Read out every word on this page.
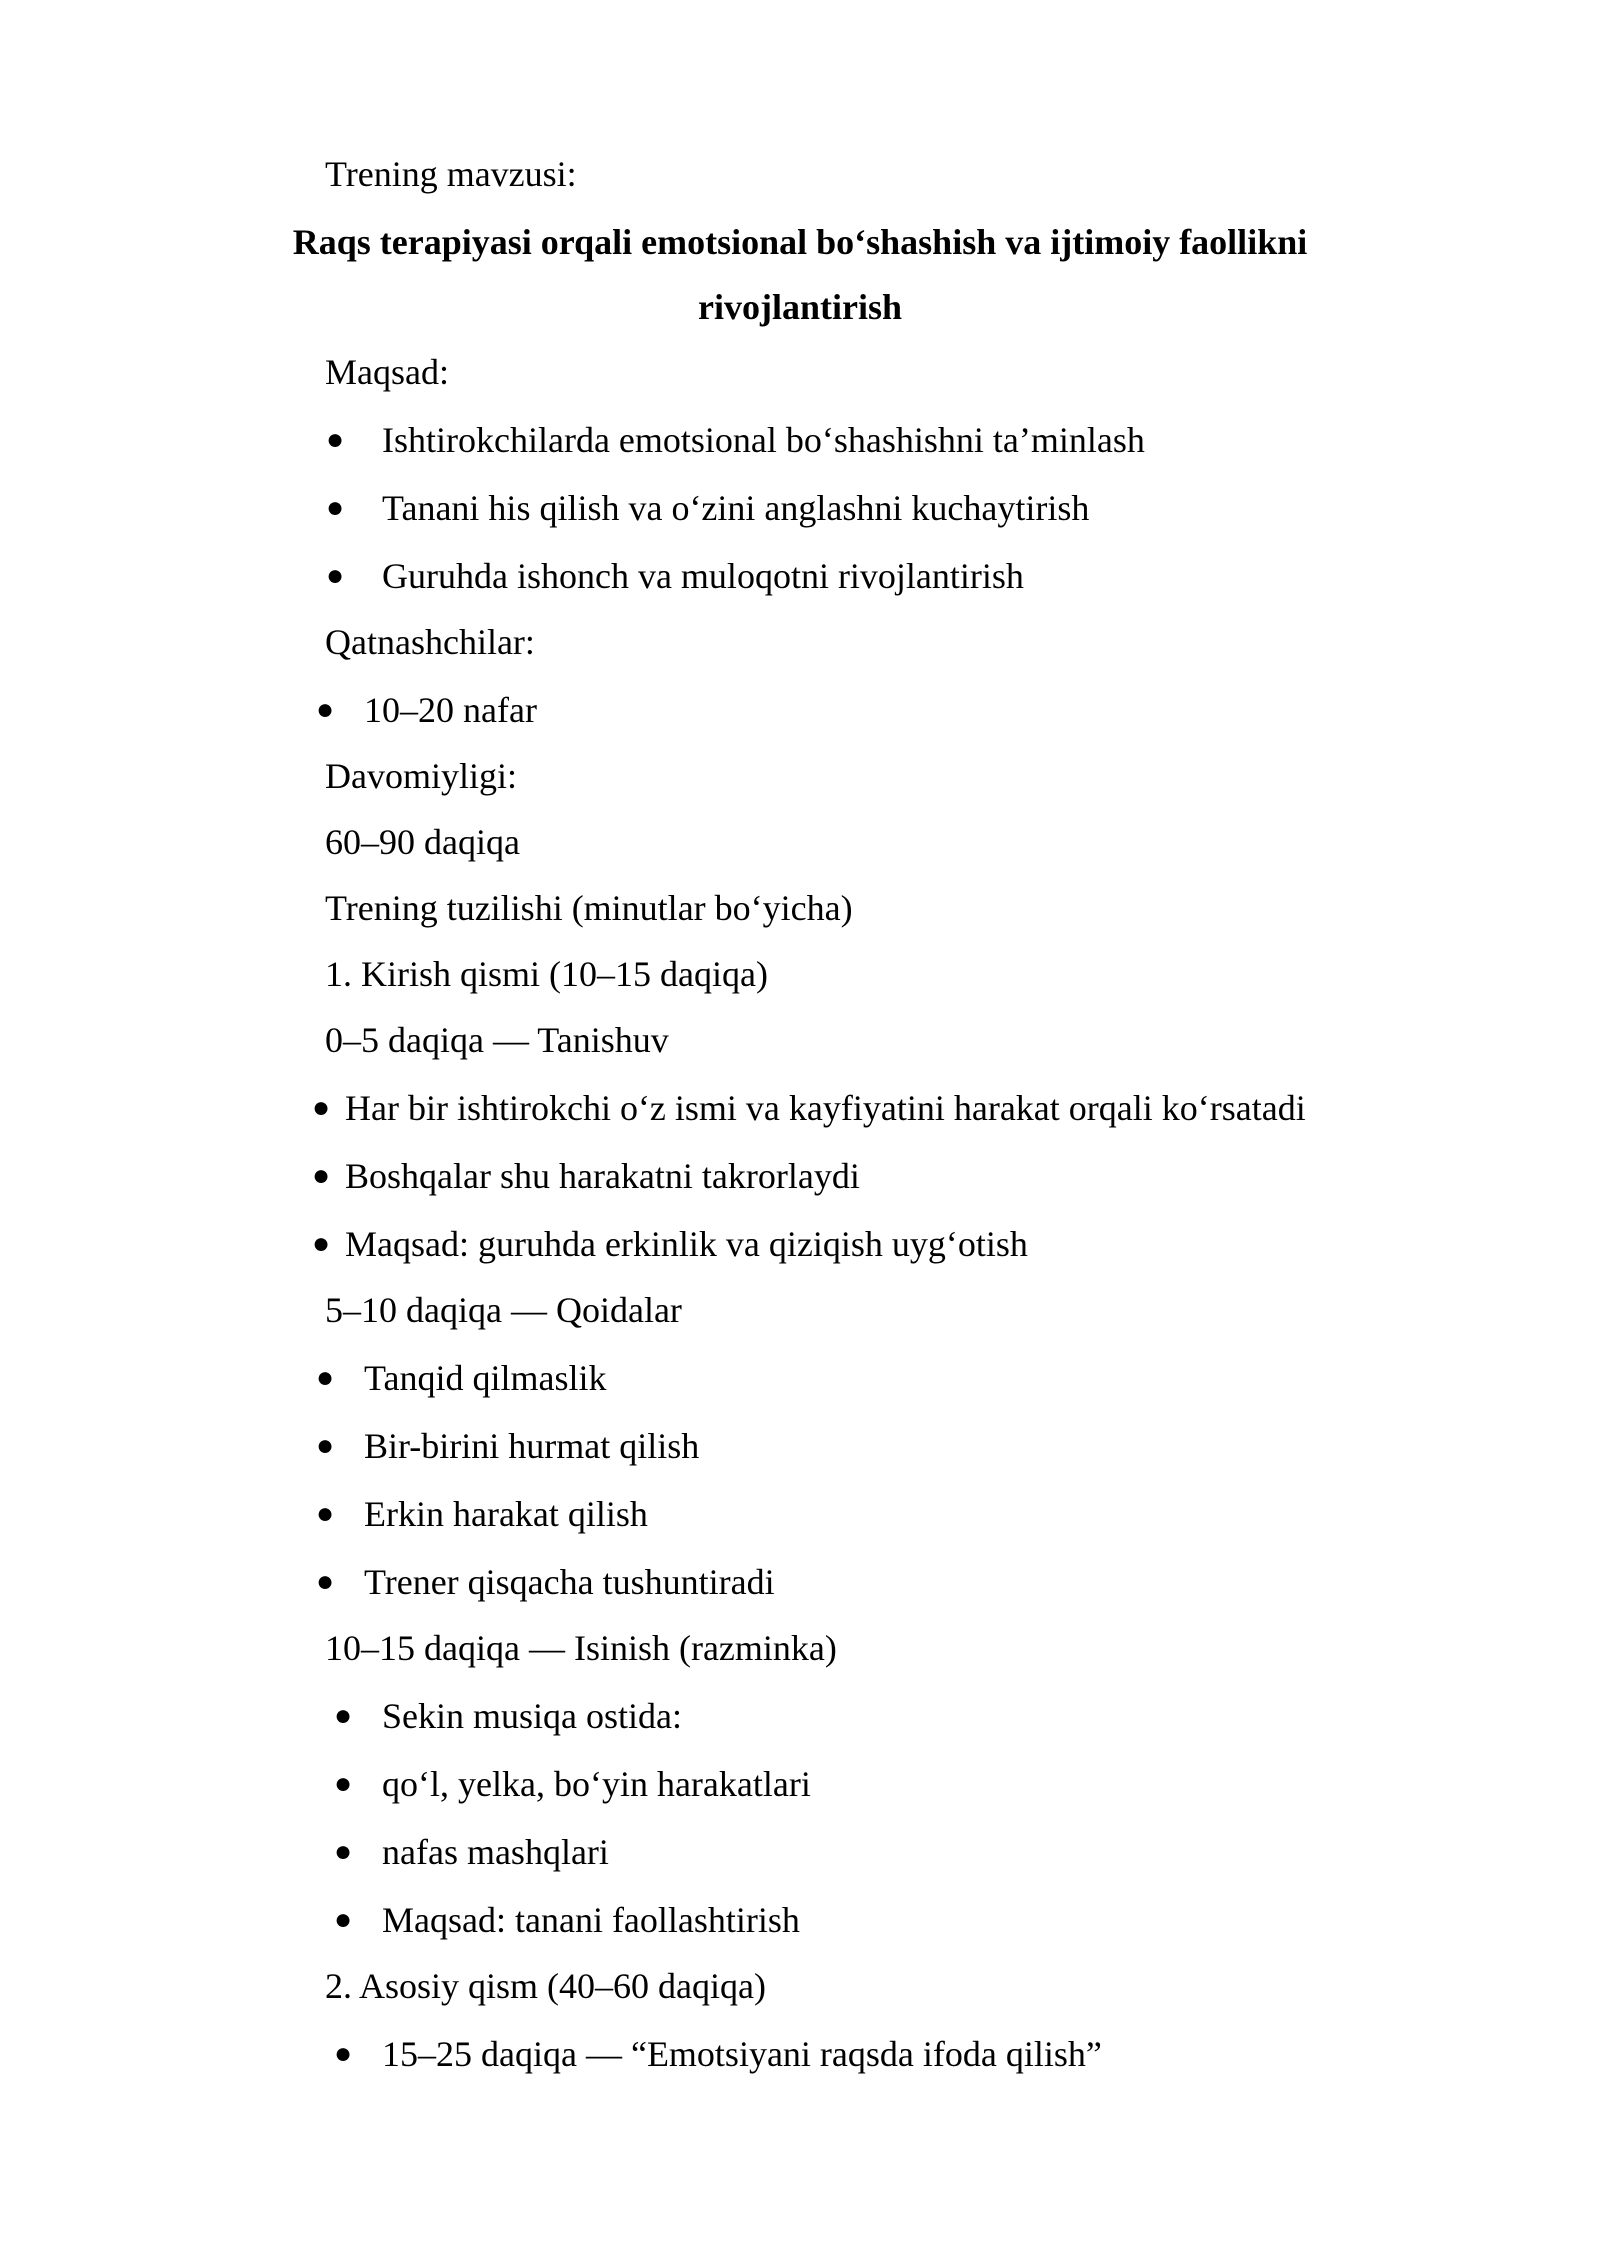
Trening mavzusi:
Raqs terapiyasi orqali emotsional bo‘shashish va ijtimoiy faollikni
rivojlantirish
Maqsad:
● Ishtirokchilarda emotsional bo‘shashishni ta’minlash
● Tanani his qilish va o‘zini anglashni kuchaytirish
● Guruhda ishonch va muloqotni rivojlantirish
Qatnashchilar:
● 10–20 nafar
Davomiyligi:
60–90 daqiqa
Trening tuzilishi (minutlar bo‘yicha)
1. Kirish qismi (10–15 daqiqa)
0–5 daqiqa — Tanishuv
● Har bir ishtirokchi o‘z ismi va kayfiyatini harakat orqali ko‘rsatadi
● Boshqalar shu harakatni takrorlaydi
● Maqsad: guruhda erkinlik va qiziqish uyg‘otish
5–10 daqiqa — Qoidalar
● Tanqid qilmaslik
● Bir-birini hurmat qilish
● Erkin harakat qilish
● Trener qisqacha tushuntiradi
10–15 daqiqa — Isinish (razminka)
● Sekin musiqa ostida:
● qo‘l, yelka, bo‘yin harakatlari
● nafas mashqlari
● Maqsad: tanani faollashtirish
2. Asosiy qism (40–60 daqiqa)
● 15–25 daqiqa — “Emotsiyani raqsda ifoda qilish”
